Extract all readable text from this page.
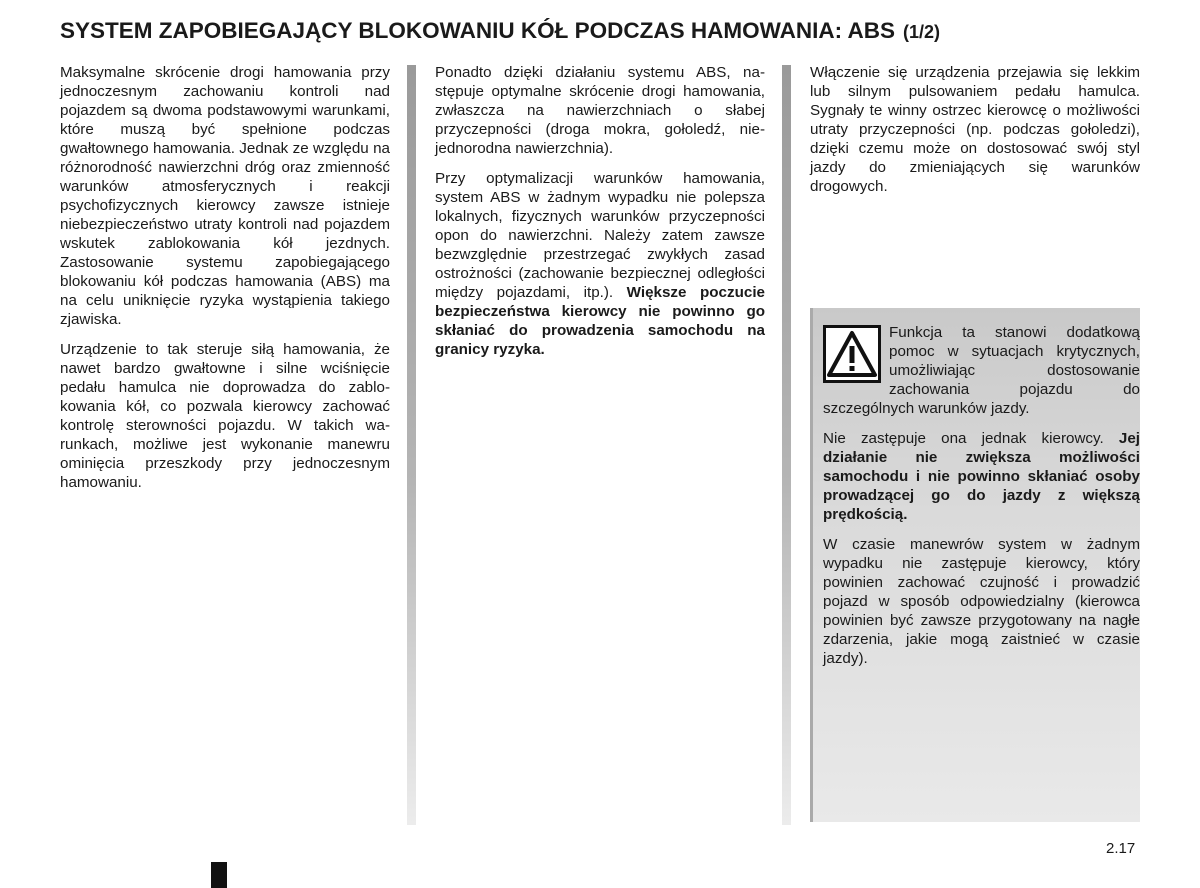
SYSTEM ZAPOBIEGAJĄCY BLOKOWANIU KÓŁ PODCZAS HAMOWANIA: ABS (1/2)

Maksymalne skrócenie drogi hamowania przy jednoczesnym zachowaniu kontroli nad pojazdem są dwoma podstawowymi warunkami, które muszą być spełnione podczas gwałtownego hamowania. Jednak ze względu na różnorodność nawierzchni dróg oraz zmienność warunków atmosferycznych i reakcji psychofizycznych kierowcy zawsze istnieje niebezpieczeństwo utraty kontroli nad pojazdem wskutek zablokowania kół jezdnych. Zastosowanie systemu zapobiegającego blokowaniu kół podczas hamowania (ABS) ma na celu uniknięcie ryzyka wystąpienia takiego zjawiska.

Urządzenie to tak steruje siłą hamowania, że nawet bardzo gwałtowne i silne wciśnięcie pedału hamulca nie doprowadza do zablokowania kół, co pozwala kierowcy zachować kontrolę sterowności pojazdu. W takich warunkach, możliwe jest wykonanie manewru ominięcia przeszkody przy jednoczesnym hamowaniu.

Ponadto dzięki działaniu systemu ABS, następuje optymalne skrócenie drogi hamowania, zwłaszcza na nawierzchniach o słabej przyczepności (droga mokra, gołoledź, niejednorodna nawierzchnia).

Przy optymalizacji warunków hamowania, system ABS w żadnym wypadku nie polepsza lokalnych, fizycznych warunków przyczepności opon do nawierzchni. Należy zatem zawsze bezwzględnie przestrzegać zwykłych zasad ostrożności (zachowanie bezpiecznej odległości między pojazdami, itp.). Większe poczucie bezpieczeństwa kierowcy nie powinno go skłaniać do prowadzenia samochodu na granicy ryzyka.

Włączenie się urządzenia przejawia się lekkim lub silnym pulsowaniem pedału hamulca. Sygnały te winny ostrzec kierowcę o możliwości utraty przyczepności (np. podczas gołoledzi), dzięki czemu może on dostosować swój styl jazdy do zmieniających się warunków drogowych.

Funkcja ta stanowi dodatkową pomoc w sytuacjach krytycznych, umożliwiając dostosowanie zachowania pojazdu do szczególnych warunków jazdy.

Nie zastępuje ona jednak kierowcy. Jej działanie nie zwiększa możliwości samochodu i nie powinno skłaniać osoby prowadzącej go do jazdy z większą prędkością.

W czasie manewrów system w żadnym wypadku nie zastępuje kierowcy, który powinien zachować czujność i prowadzić pojazd w sposób odpowiedzialny (kierowca powinien być zawsze przygotowany na nagłe zdarzenia, jakie mogą zaistnieć w czasie jazdy).

2.17
